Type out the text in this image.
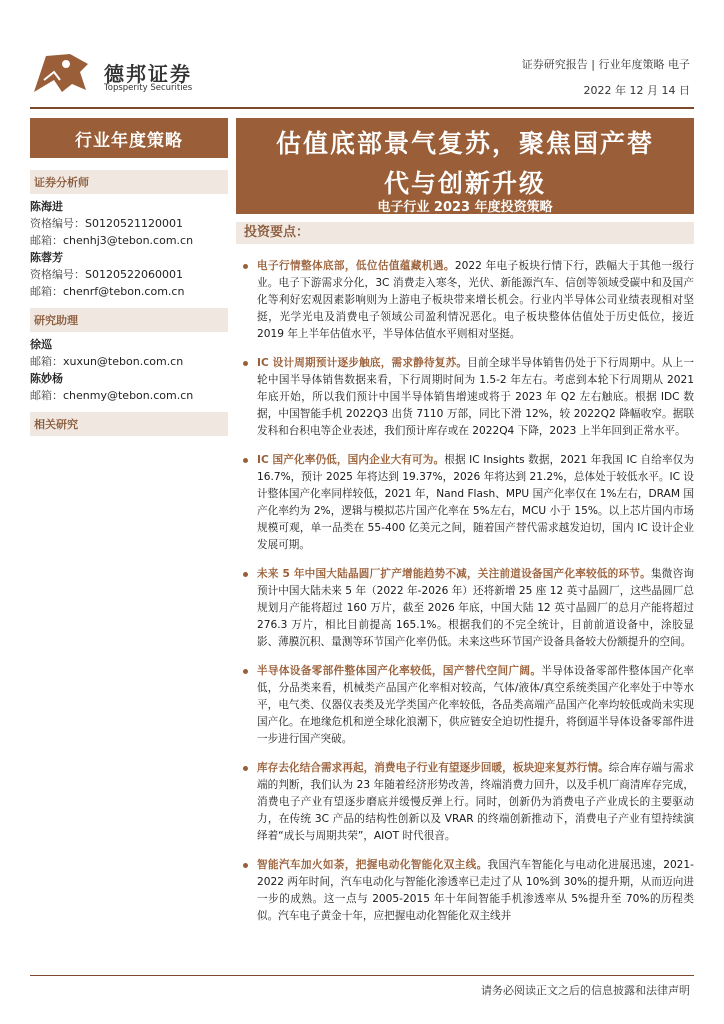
德邦证券
Topsperity Securities
证券研究报告 | 行业年度策略 电子
2022 年 12 月 14 日
行业年度策略	估值底部景气复苏，聚焦国产替
代与创新升级
电子行业 2023 年度投资策略
证券分析师
陈海进
资格编号：S0120521120001
邮箱：chenhj3@tebon.com.cn
陈蓉芳
资格编号：S0120522060001
邮箱：chenrf@tebon.com.cn
研究助理
徐巡
邮箱：xuxun@tebon.com.cn
陈妙杨
邮箱：chenmy@tebon.com.cn
相关研究
投资要点：
电子行情整体底部，低位估值蕴藏机遇。2022 年电子板块行情下行，跌幅大于其他一级行业。电子下游需求分化，3C 消费走入寒冬，光伏、新能源汽车、信创等领域受碳中和及国产化等利好宏观因素影响则为上游电子板块带来增长机会。行业内半导体公司业绩表现相对坚挺，光学光电及消费电子领域公司盈利情况恶化。电子板块整体估值处于历史低位，接近 2019 年上半年估值水平，半导体估值水平则相对坚挺。
IC 设计周期预计逐步触底，需求静待复苏。目前全球半导体销售仍处于下行周期中。从上一轮中国半导体销售数据来看，下行周期时间为 1.5-2 年左右。考虑到本轮下行周期从 2021 年底开始，所以我们预计中国半导体销售增速或将于 2023 年 Q2 左右触底。根据 IDC 数据，中国智能手机 2022Q3 出货 7110 万部，同比下滑 12%，较 2022Q2 降幅收窄。据联发科和台积电等企业表述，我们预计库存或在 2022Q4 下降，2023 上半年回到正常水平。
IC 国产化率仍低，国内企业大有可为。根据 IC Insights 数据，2021 年我国 IC 自给率仅为 16.7%，预计 2025 年将达到 19.37%，2026 年将达到 21.2%，总体处于较低水平。IC 设计整体国产化率同样较低，2021 年，Nand Flash、MPU 国产化率仅在 1%左右，DRAM 国产化率约为 2%，逻辑与模拟芯片国产化率在 5%左右，MCU 小于 15%。以上芯片国内市场规模可观，单一品类在 55-400 亿美元之间，随着国产替代需求越发迫切，国内 IC 设计企业发展可期。
未来 5 年中国大陆晶圆厂扩产增能趋势不减，关注前道设备国产化率较低的环节。集微咨询预计中国大陆未来 5 年（2022 年-2026 年）还将新增 25 座 12 英寸晶圆厂，这些晶圆厂总规划月产能将超过 160 万片，截至 2026 年底，中国大陆 12 英寸晶圆厂的总月产能将超过 276.3 万片，相比目前提高 165.1%。根据我们的不完全统计，目前前道设备中，涂胶显影、薄膜沉积、量测等环节国产化率仍低。未来这些环节国产设备具备较大份额提升的空间。
半导体设备零部件整体国产化率较低，国产替代空间广阔。半导体设备零部件整体国产化率低，分品类来看，机械类产品国产化率相对较高，气体/液体/真空系统类国产化率处于中等水平，电气类、仪器仪表类及光学类国产化率较低，各品类高端产品国产化率均较低或尚未实现国产化。在地缘危机和逆全球化浪潮下，供应链安全迫切性提升，将倒逼半导体设备零部件进一步进行国产突破。
库存去化结合需求再起，消费电子行业有望逐步回暖，板块迎来复苏行情。综合库存端与需求端的判断，我们认为 23 年随着经济形势改善，终端消费力回升，以及手机厂商清库存完成，消费电子产业有望逐步磨底并缓慢反弹上行。同时，创新仍为消费电子产业成长的主要驱动力，在传统 3C 产品的结构性创新以及 VRAR 的终端创新推动下，消费电子产业有望持续演绎着“成长与周期共荣”，AIOT 时代很音。
智能汽车加火如荼，把握电动化智能化双主线。我国汽车智能化与电动化进展迅速，2021-2022 两年时间，汽车电动化与智能化渗透率已走过了从 10%到 30%的提升期，从而迈向进一步的成熟。这一点与 2005-2015 年十年间智能手机渗透率从 5%提升至 70%的历程类似。汽车电子黄金十年，应把握电动化智能化双主线并
请务必阅读正文之后的信息披露和法律声明
